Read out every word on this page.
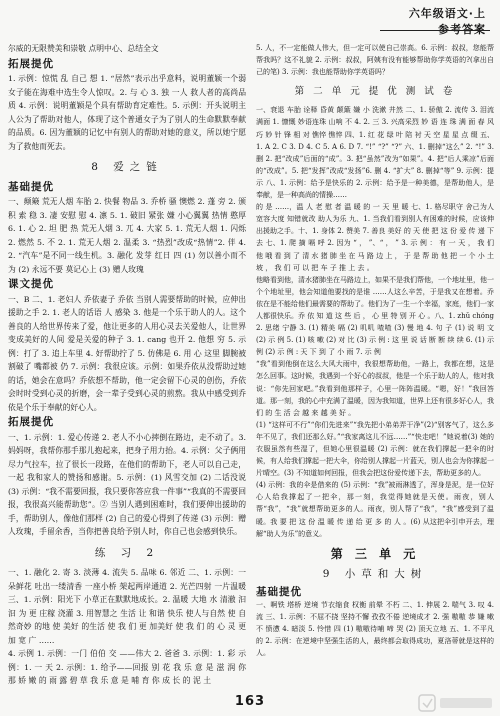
六年级语文·上
参考答案

尔威的无限赞美和崇敬 点明中心、总结全文

拓展提优

1. 示例：惊慌 乱 自己 想 1. “居然”表示出乎意料，说明董颖一个弱女子能在海难中选生令人惊叹。2. 与 心 3. 独 一人 救人者的高尚品质 4. 示例：说明董颖是个具有帮助育定难性。5. 示例：开头说明主人公为了帮助对他人，体现了这个普通女子为了别人的生命默默奉献的品质。6. 因为董颖的记忆中有别人的帮助对她的意义，所以她宁愿为了救他而死去。

8 爱之链
基础提优

一、颠簸 荒无人烟 车胎 2. 快餐 物品 3. 乔桥 骚 懊燃 2. 蓬 旁 2. 颁 积 索 稳 3. 凄 安慰 慰 4. 凛 5. 1. 破旧 紧张 嫌 小心翼翼 热情 憨厚 6. 1. 心 2. 坦 肥 热 荒无人烟 3. 兀 4. 大家 5. 1. 荒无人烟 1. 闪烁 2. 燃然 5. 不 2. 1. 荒无人烟 2. 温柔 3. “热烈”改成“热情”2. 伴 4. 2. “汽车”是不同一线生机。3. 融化 发芽 红日 四 (1) 勿以善小而不为 (2) 永远不要 莫记心上 (3) 赠人玫瑰

课文提优

一、B 二、1. 老妇人 乔依妻子 乔依 当别人需要帮助的时候，应伸出援助之手 2. 1. 老人的话语 人 感染 3. 他是一个乐于助人的人。这个善良的人给世界传来了爱，他让更多的人用心灵去关爱他人，让世界变成美好的人间 爱是关爱的种子 3. 1. cang 也开 2. 他想 穷 5. 示例：打了 3. 追上车里 4. 好帮助拧了 5. 仿佛是 6. 用 心 这里 脚腕被割破了 嘴都被 仍 7. 示例：我很应该。示例：如果乔依从没帮助过她的话，她会在意吗？乔依想不帮助，他一定会留下心灵的创伤，乔依会时时受到心灵的折磨，会一辈子受到心灵的煎熬。我从中感受到乔依是个乐于奉献的好心人。

拓展提优

一、1. 示例：1. 爱心传递 2. 老人不小心摔倒在路边，走不动了。3. 妈妈呀，我帮你那手那儿抱起来，把身子用力抬。4. 示例：父子俩用尽力气拉车，拉了很长一段路，在他们的帮助下，老人可以自己走，一起 我和家人的赞扬和感谢。5. 示例：(1) 风雪交加 (2) 二话没说 (3) 示例：“我不需要回报，我只要你答应我一件事”“我真的不需要回报，我很高兴能帮助您”。② 当别人遇到困难时，我们要伸出援助的手，帮助别人，像他们那样 (2) 自己的爱心得到了传递 (3) 示例：赠人玫瑰，手留余香，当你把善良给予别人时，你自己也会感到快乐。

练 习 2

一、1. 融化 2. 寄 3. 淡薄 4. 流失 5. 品味 6. 邻近 二、1. 示例：一朵鲜花 吐出一缕清香 一座小桥 架起两岸通道 2. 光芒四射 一片温暖 三、1. 示例：阳光下 小草正在默默地成长。2. 温暖 大地 水 清澈 汩汩 为 更 庄稼 浇灌 3. 用智慧之 生活 让 和谐 快乐 使人与自然 使 自然奇妙 的地 使 美好 的生活 使 我 们 更 加美好 使 我 们 的 心 灵 更 加 宽 广 ……

4. 示例 1. 示例：一门 伯伯 交 ——伟大 2. 爸爸 3. 示例：1. 彩 示例：1. 一 天 2. 示例：1. 给予——回报 别 花 我 乐 意 是 滋 润 你 那 娇 嫩 的 雨 露 碧 草 我 乐 意 是 哺 育 你 成 长 的 泥 土

5. 人，不一定能做人伟大，但一定可以使自己崇高。6. 示例：叔叔，您能帮帮我吗？这不礼貌 2. 示例：叔叔，阿姨有没有能够帮助你学英语的?(拿出自己的笔) 3. 示例：我也能帮助你学英语吗？

第 二 单 元 提 优 测 试 卷

一、衰退 车胎 诠释 昏黄 颠簸 嫌 小 洗漱 井然 二、1. 骄傲 2. 流传 3. 泪流满面 1. 慷慨 妙语连珠 山响 不 4. 2. 三 3. 兴高采烈 妙 语 连 珠 满 面 春 风 巧 妙 针 锋 相 对 憔悴 憔悴 四、1. 红 花 绿 叶 陪 衬 天 空 星 星 点 缀 五、1. A 2. C 3. D 4. C 5. A 6. D 7. “!” “?” “?” 六、1. 删掉“这么” 2. “!” 3. 删 2. 把“改成”后面的“成”。3. 把“虽然”改为“如果”。4. 把“后人乘凉”后面的“改成”。5. 把“发挥”改成“发扬”6. 删 4. “扩大” 8. 删掉“等” 9. 示例：提示 八、1. 示例：给予是快乐的 2. 示例：给予是一种美德，是帮助他人，是奉献，是一种高尚的情操……

的 是 ……，温 人 老 慰 者 温 暖 的 一 天 里 暖 七、1. 格尽职守 舍己为人 宽容大度 知错就改 助人为乐 九、1. 当我们看到别人有困难的时候，应该伸出援助之手。十、1. 身体 2. 赞美 7. 善良 美好 的 天 使 把 这 份 爱 传 递 下 去 七、1. 爬 摘 嗝 呼 2. 因为 “ ， ”、“ ， ” 3. 示 例 ： 有 一 天 ， 我 们 他 哦 看 到 了 清 水 猪 肺 坐 在 马 路 边 上 ， 于 是 帮 助 他 把 一 个 小 土 坡 ， 我 们 可 以 把 车 子 推 上 去 。

他略看到他，清水猪肺坐在马路边上，如果不是我们帮他，一个地址里，他一个个地址里，他会知道他要找的是谁 ……人这么辛苦，于是我又在想着。乔依在是不能给他们最需要的帮助了。他们为了一生一个幸福，家庭，他们一家人都很快乐。乔 依 知 道 这 些 后 ， 心 里 特 别 开 心 。八、1. zhǔ chóng 2. 思绪 宁静 3. (1) 精美 嗝 (2) 叽叽 喳喳 (3) 慢 地 4. 句 子 (1) 说 明 文 (2) 示 例 5. (1) 咳 嗽 (2) 对 比 (3) 示 例 : 这 里 说 话 断 断 续 续 6. (1) 示 例 (2) 示 例 : 天 下 到 了 小 雨 7. 示 例

“我”看到他倒在这么大风大雨中，我很想帮助他，一路上，我都在想，这是怎么回事。这时候，我遇到一个好心的叔叔，他是一个乐于助人的人，他对我说：“你先回家吧。”我看到他那样子，心里一阵阵温暖。“嗯，好！”我回答道。那一刻，我的心中充满了温暖，因为我知道，世界上还有很多好心人，我 们 的 生 活 会 越 来 越 美 好 。

(1) “这样可不行”“你们先进来”“我先把小弟弟弄干净”(2)“别客气了，这么多年不见了，我们还那么好。”“我家离这儿不远……”“快走吧！”她说着(3) 她的衣服虽然有些湿了，但她心里很温暖 (2) 示例：就在我们撑起一把伞的时候，有人给我们撑起一把大伞，你给别人撑起一片蓝天，别人也会为你撑起一片晴空。(3) 不知道如何回报，但我会把这份爱传递下去，帮助更多的人。

(4) 示例：我的伞是借来的 (5) 示例：“我”被雨淋透了，浑身是泥，是一位好心人给我撑起了一把伞，那一刻，我觉得她就是天使。雨夜，别人帮“我”，“我”就想帮助更多的人。雨夜，别人帮了“我”，“我”感受到了温暖。我 要 把 这 份 温 暖 传 递 给 更 多 的 人 。(6) 从这把伞引申开去，理解“助人为乐”的意义。

第 三 单 元
9 小草和大树
基础提优

一、啊铁 塔桥 逆境 节衣缩食 权衡 前晕 不朽 二、1. 伸展 2. 喘气 3. 叹 4. 流 三、1. 示例：不屈不挠 坚持不懈 孜孜不倦 逆境成才 2. 强 嗷嗷 恭 嫌 嗽 不 愤懑 4. 暗淡 5. 怜惜 四 (1) 嗷嗷待哺 啼 哭 (2) 顶天立地 五、1. 不平凡的 2. 示例：在逆境中坚强生活的人，最终都会取得成功，夏洛蒂就是这样的人。

163
